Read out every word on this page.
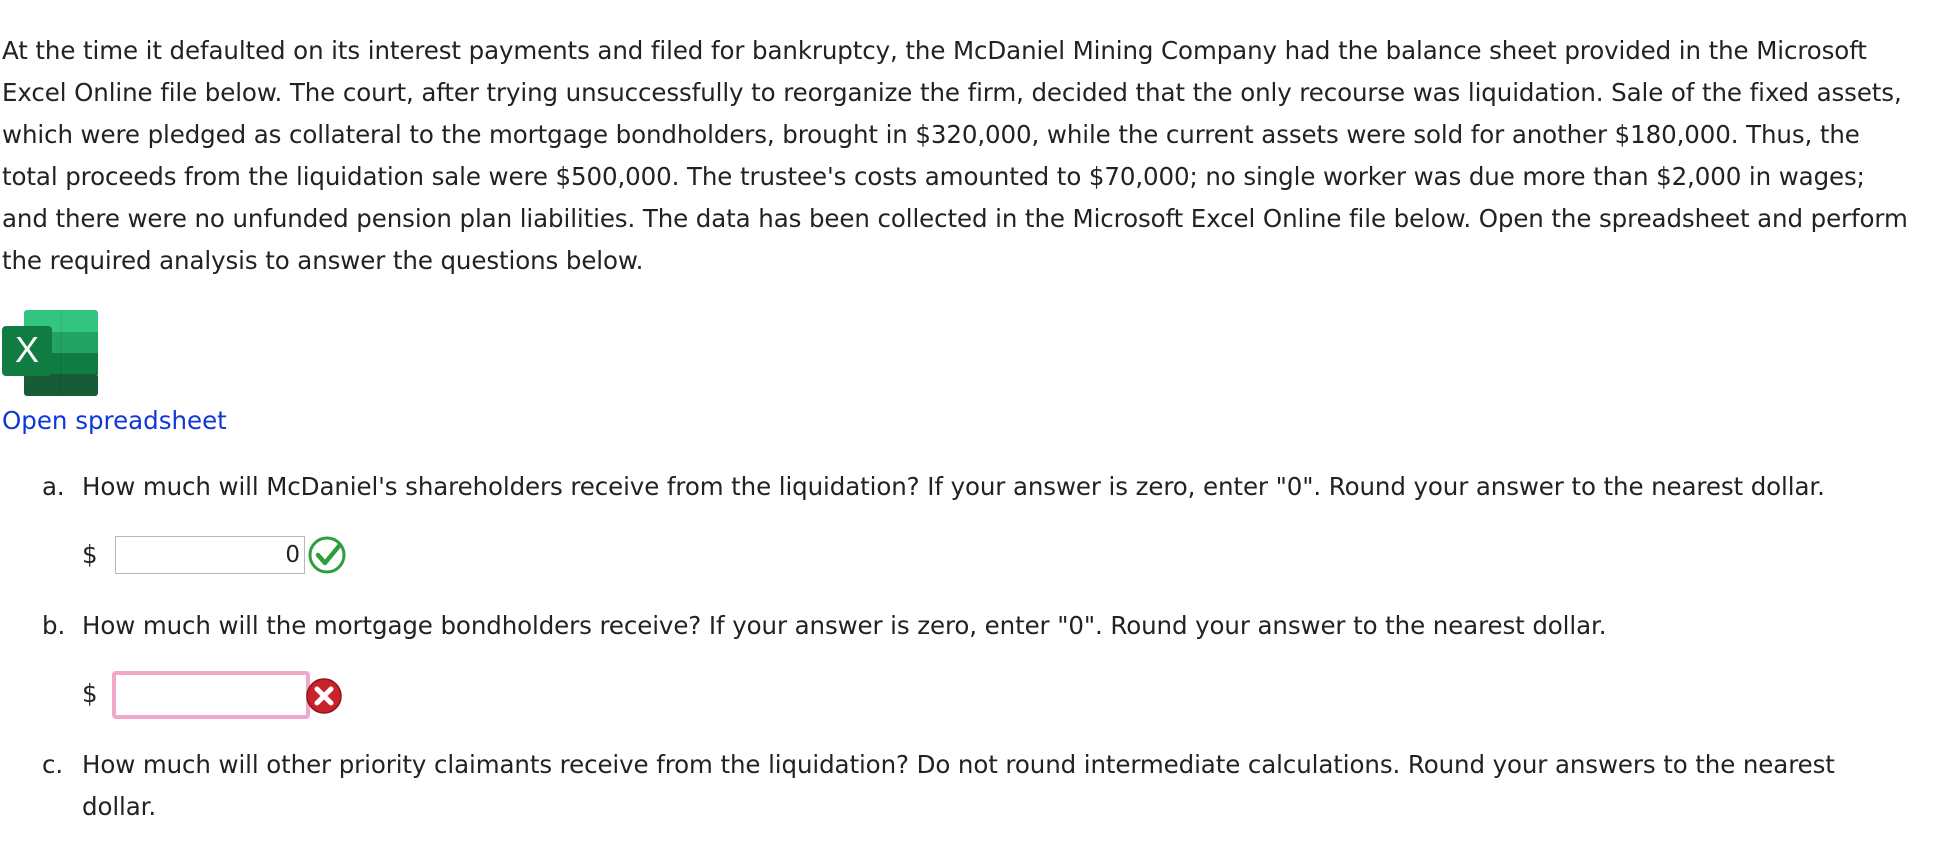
At the time it defaulted on its interest payments and filed for bankruptcy, the McDaniel Mining Company had the balance sheet provided in the Microsoft
Excel Online file below. The court, after trying unsuccessfully to reorganize the firm, decided that the only recourse was liquidation. Sale of the fixed assets,
which were pledged as collateral to the mortgage bondholders, brought in $320,000, while the current assets were sold for another $180,000. Thus, the
total proceeds from the liquidation sale were $500,000. The trustee's costs amounted to $70,000; no single worker was due more than $2,000 in wages;
and there were no unfunded pension plan liabilities. The data has been collected in the Microsoft Excel Online file below. Open the spreadsheet and perform
the required analysis to answer the questions below.
X
Open spreadsheet
a. How much will McDaniel's shareholders receive from the liquidation? If your answer is zero, enter "0". Round your answer to the nearest dollar.
$
0
b. How much will the mortgage bondholders receive? If your answer is zero, enter "0". Round your answer to the nearest dollar.
$
c. How much will other priority claimants receive from the liquidation? Do not round intermediate calculations. Round your answers to the nearest
dollar.
